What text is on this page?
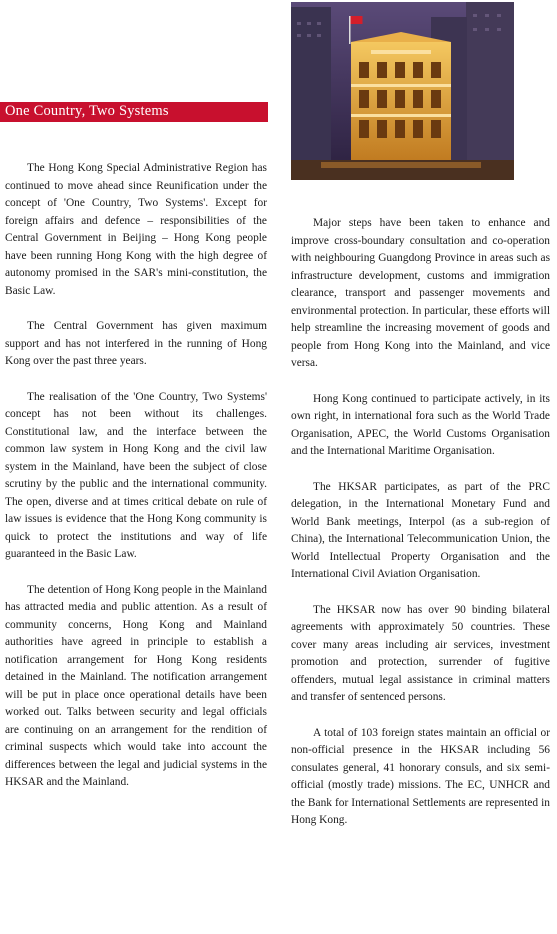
One Country, Two Systems

The Hong Kong Special Administrative Region has continued to move ahead since Reunification under the concept of 'One Country, Two Systems'. Except for foreign affairs and defence – responsibilities of the Central Government in Beijing – Hong Kong people have been running Hong Kong with the high degree of autonomy promised in the SAR's mini-constitution, the Basic Law.

The Central Government has given maximum support and has not interfered in the running of Hong Kong over the past three years.

The realisation of the 'One Country, Two Systems' concept has not been without its challenges. Constitutional law, and the interface between the common law system in Hong Kong and the civil law system in the Mainland, have been the subject of close scrutiny by the public and the international community. The open, diverse and at times critical debate on rule of law issues is evidence that the Hong Kong community is quick to protect the institutions and way of life guaranteed in the Basic Law.

The detention of Hong Kong people in the Mainland has attracted media and public attention. As a result of community concerns, Hong Kong and Mainland authorities have agreed in principle to establish a notification arrangement for Hong Kong residents detained in the Mainland. The notification arrangement will be put in place once operational details have been worked out. Talks between security and legal officials are continuing on an arrangement for the rendition of criminal suspects which would take into account the differences between the legal and judicial systems in the HKSAR and the Mainland.

Major steps have been taken to enhance and improve cross-boundary consultation and co-operation with neighbouring Guangdong Province in areas such as infrastructure development, customs and immigration clearance, transport and passenger movements and environmental protection. In particular, these efforts will help streamline the increasing movement of goods and people from Hong Kong into the Mainland, and vice versa.

Hong Kong continued to participate actively, in its own right, in international fora such as the World Trade Organisation, APEC, the World Customs Organisation and the International Maritime Organisation.

The HKSAR participates, as part of the PRC delegation, in the International Monetary Fund and World Bank meetings, Interpol (as a sub-region of China), the International Telecommunication Union, the World Intellectual Property Organisation and the International Civil Aviation Organisation.

The HKSAR now has over 90 binding bilateral agreements with approximately 50 countries. These cover many areas including air services, investment promotion and protection, surrender of fugitive offenders, mutual legal assistance in criminal matters and transfer of sentenced persons.

A total of 103 foreign states maintain an official or non-official presence in the HKSAR including 56 consulates general, 41 honorary consuls, and six semi-official (mostly trade) missions. The EC, UNHCR and the Bank for International Settlements are represented in Hong Kong.
